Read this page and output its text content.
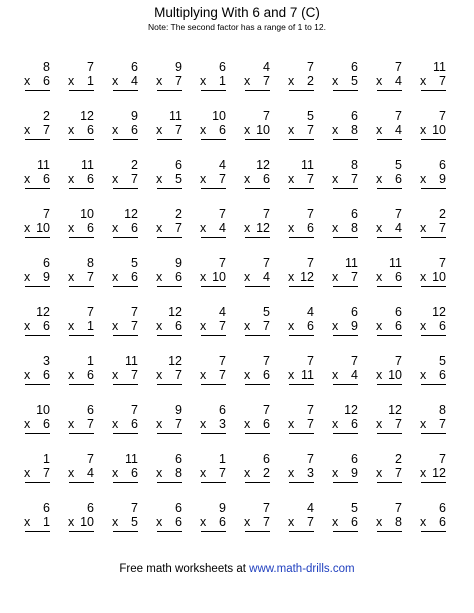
Multiplying With 6 and 7 (C)
Note: The second factor has a range of 1 to 12.
8
x 6
7
x 1
6
x 4
9
x 7
6
x 1
4
x 7
7
x 2
6
x 5
7
x 4
11
x 7
2
x 7
12
x 6
9
x 6
11
x 7
10
x 6
7
x 10
5
x 7
6
x 8
7
x 4
7
x 10
11
x 6
11
x 6
2
x 7
6
x 5
4
x 7
12
x 6
11
x 7
8
x 7
5
x 6
6
x 9
7
x 10
10
x 6
12
x 6
2
x 7
7
x 4
7
x 12
7
x 6
6
x 8
7
x 4
2
x 7
6
x 9
8
x 7
5
x 6
9
x 6
7
x 10
7
x 4
7
x 12
11
x 7
11
x 6
7
x 10
12
x 6
7
x 1
7
x 7
12
x 6
4
x 7
5
x 7
4
x 6
6
x 9
6
x 6
12
x 6
3
x 6
1
x 6
11
x 7
12
x 7
7
x 7
7
x 6
7
x 11
7
x 4
7
x 10
5
x 6
10
x 6
6
x 7
7
x 6
9
x 7
6
x 3
7
x 6
7
x 7
12
x 6
12
x 7
8
x 7
1
x 7
7
x 4
11
x 6
6
x 8
1
x 7
6
x 2
7
x 3
6
x 9
2
x 7
7
x 12
6
x 1
6
x 10
7
x 5
6
x 6
9
x 6
7
x 7
4
x 7
5
x 6
7
x 8
6
x 6
Free math worksheets at www.math-drills.com
